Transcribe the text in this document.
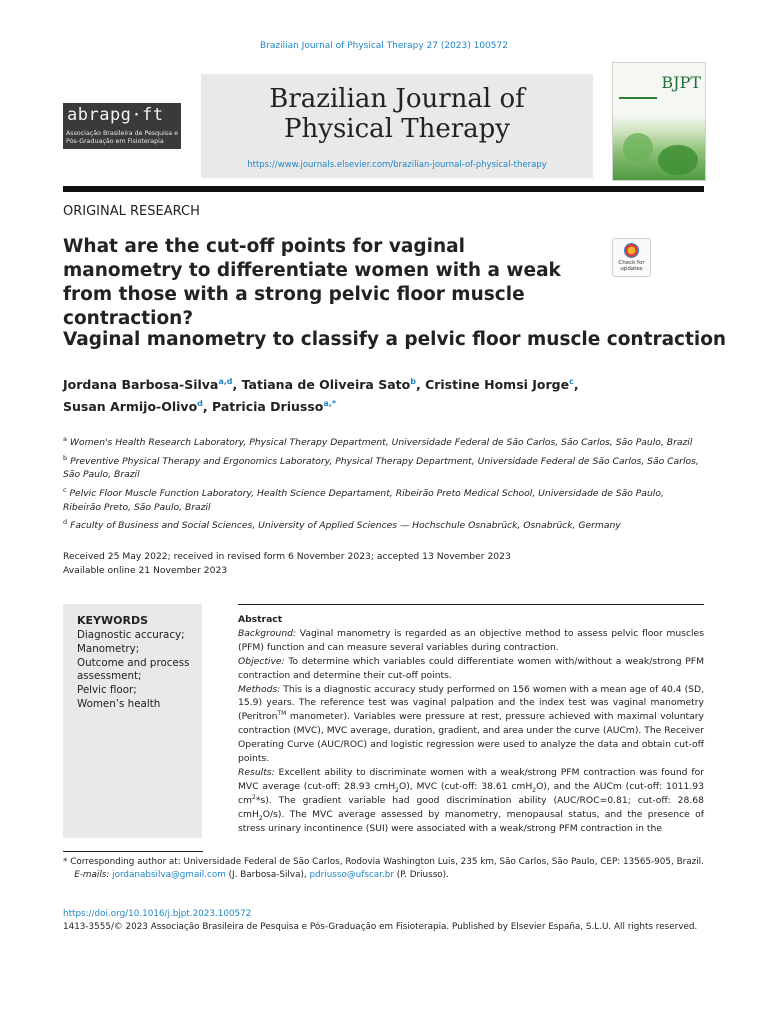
Brazilian Journal of Physical Therapy 27 (2023) 100572
abrapg·ft
Associação Brasileira de Pesquisa e
Pós-Graduação em Fisioterapia
Brazilian Journal of
Physical Therapy
https://www.journals.elsevier.com/brazilian-journal-of-physical-therapy
BJPT
ORIGINAL RESEARCH
What are the cut-off points for vaginal manometry to differentiate women with a weak from those with a strong pelvic floor muscle contraction?
Check for
updates
Vaginal manometry to classify a pelvic floor muscle contraction
Jordana Barbosa-Silva$^{a,d}$, Tatiana de Oliveira Sato$^b$, Cristine Homsi Jorge$^c$,
Susan Armijo-Olivo$^d$, Patricia Driusso$^{a,*}$
$^a$ Women's Health Research Laboratory, Physical Therapy Department, Universidade Federal de São Carlos, São Carlos, São Paulo, Brazil
$^b$ Preventive Physical Therapy and Ergonomics Laboratory, Physical Therapy Department, Universidade Federal de São Carlos, São Carlos, São Paulo, Brazil
$^c$ Pelvic Floor Muscle Function Laboratory, Health Science Departament, Ribeirão Preto Medical School, Universidade de São Paulo, Ribeirão Preto, São Paulo, Brazil
$^d$ Faculty of Business and Social Sciences, University of Applied Sciences — Hochschule Osnabrück, Osnabrück, Germany
Received 25 May 2022; received in revised form 6 November 2023; accepted 13 November 2023
Available online 21 November 2023
KEYWORDS
Diagnostic accuracy;
Manometry;
Outcome and process assessment;
Pelvic floor;
Women’s health
Abstract
Background: Vaginal manometry is regarded as an objective method to assess pelvic floor muscles (PFM) function and can measure several variables during contraction.
Objective: To determine which variables could differentiate women with/without a weak/strong PFM contraction and determine their cut-off points.
Methods: This is a diagnostic accuracy study performed on 156 women with a mean age of 40.4 (SD, 15.9) years. The reference test was vaginal palpation and the index test was vaginal manometry (Peritron™ manometer). Variables were pressure at rest, pressure achieved with maximal voluntary contraction (MVC), MVC average, duration, gradient, and area under the curve (AUCm). The Receiver Operating Curve (AUC/ROC) and logistic regression were used to analyze the data and obtain cut-off points.
Results: Excellent ability to discriminate women with a weak/strong PFM contraction was found for MVC average (cut-off: 28.93 cmH$_2$O), MVC (cut-off: 38.61 cmH$_2$O), and the AUCm (cut-off: 1011.93 $cm^2*s$). The gradient variable had good discrimination ability (AUC/ROC=0.81; cut-off: 28.68 cmH$_2$O/s). The MVC average assessed by manometry, menopausal status, and the presence of stress urinary incontinence (SUI) were associated with a weak/strong PFM contraction in the
* Corresponding author at: Universidade Federal de São Carlos, Rodovia Washington Luis, 235 km, São Carlos, São Paulo, CEP: 13565-905, Brazil.
E-mails: jordanabsilva@gmail.com (J. Barbosa-Silva), pdriusso@ufscar.br (P. Driusso).
https://doi.org/10.1016/j.bjpt.2023.100572
1413-3555/© 2023 Associação Brasileira de Pesquisa e Pós-Graduação em Fisioterapia. Published by Elsevier España, S.L.U. All rights reserved.
